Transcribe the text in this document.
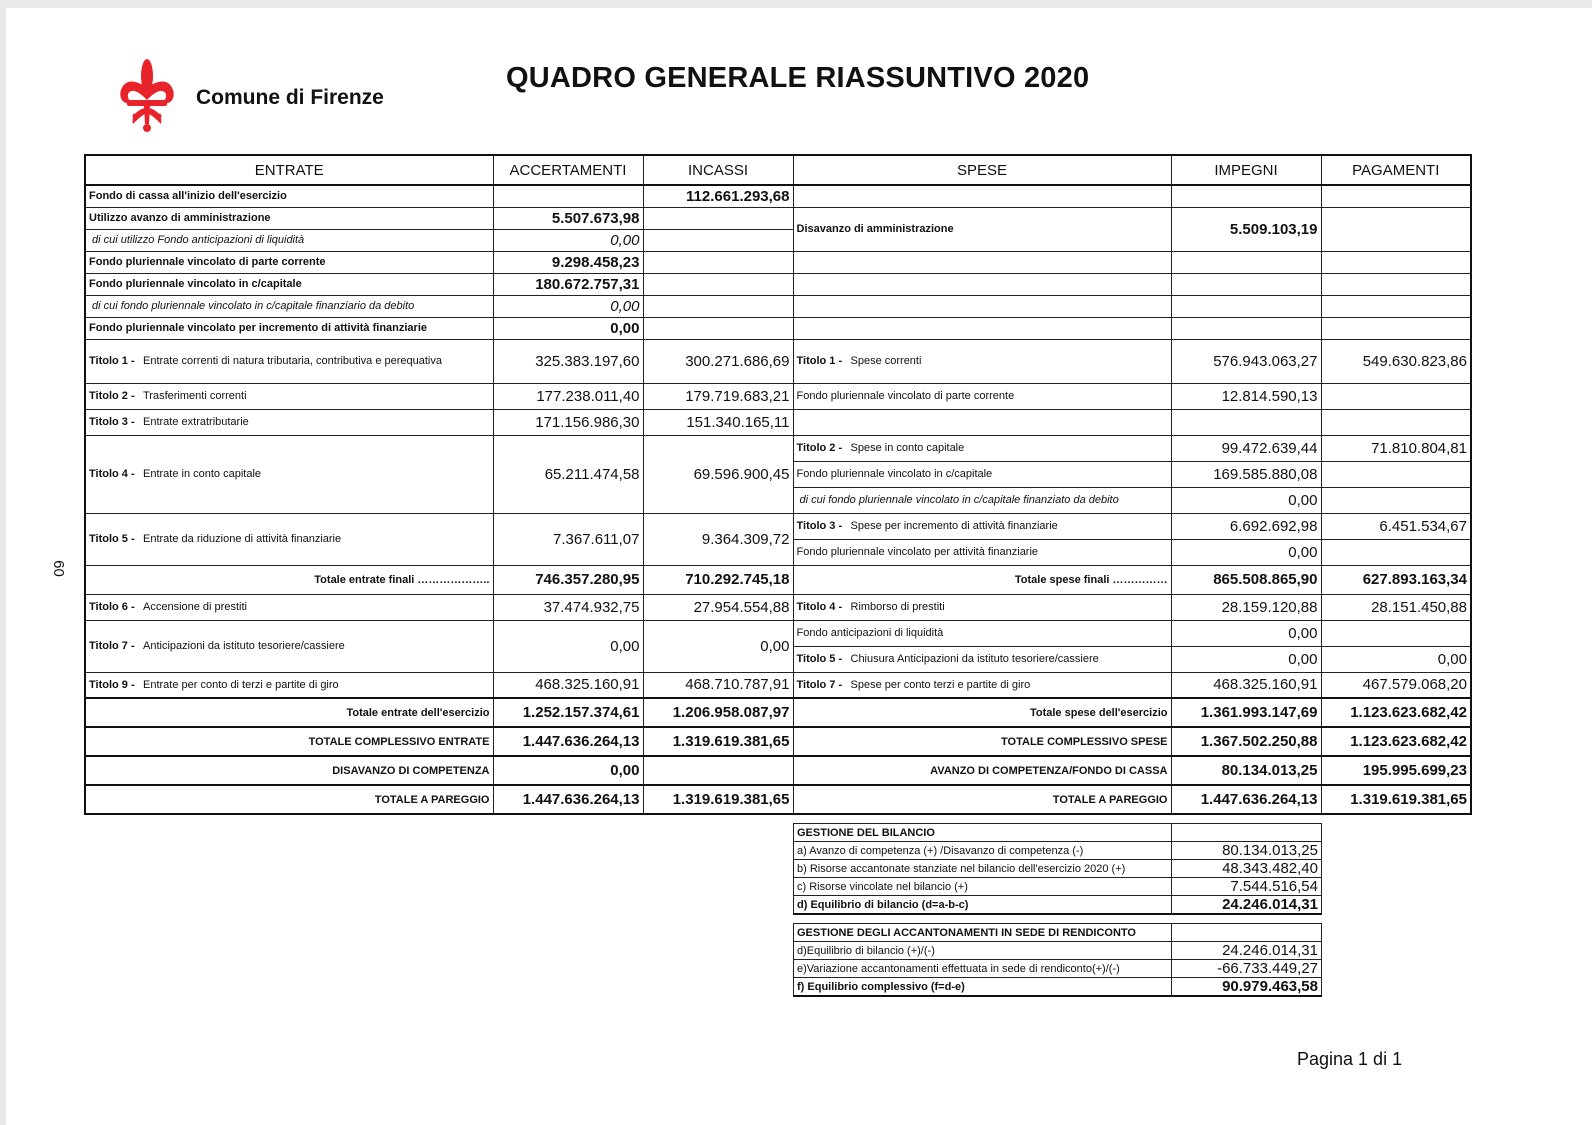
Comune di Firenze
QUADRO GENERALE RIASSUNTIVO 2020
60
ENTRATE	ACCERTAMENTI	INCASSI	SPESE	IMPEGNI	PAGAMENTI
Fondo di cassa all'inizio dell'esercizio		112.661.293,68			
Utilizzo avanzo di amministrazione	5.507.673,98		Disavanzo di amministrazione	5.509.103,19	
di cui utilizzo Fondo anticipazioni di liquidità	0,00				
Fondo pluriennale vincolato di parte corrente	9.298.458,23				
Fondo pluriennale vincolato in c/capitale	180.672.757,31				
di cui fondo pluriennale vincolato in c/capitale finanziario da debito	0,00				
Fondo pluriennale vincolato per incremento di attività finanziarie	0,00				
Titolo 1 - Entrate correnti di natura tributaria, contributiva e perequativa	325.383.197,60	300.271.686,69	Titolo 1 - Spese correnti	576.943.063,27	549.630.823,86
Titolo 2 - Trasferimenti correnti	177.238.011,40	179.719.683,21	Fondo pluriennale vincolato di parte corrente	12.814.590,13	
Titolo 3 - Entrate extratributarie	171.156.986,30	151.340.165,11			
Titolo 4 - Entrate in conto capitale	65.211.474,58	69.596.900,45	Titolo 2 - Spese in conto capitale	99.472.639,44	71.810.804,81
			Fondo pluriennale vincolato in c/capitale	169.585.880,08	
			di cui fondo pluriennale vincolato in c/capitale finanziato da debito	0,00	
Titolo 5 - Entrate da riduzione di attività finanziarie	7.367.611,07	9.364.309,72	Titolo 3 - Spese per incremento di attività finanziarie	6.692.692,98	6.451.534,67
			Fondo pluriennale vincolato per attività finanziarie	0,00	
Totale entrate finali ………………..	746.357.280,95	710.292.745,18	Totale spese finali ……………	865.508.865,90	627.893.163,34
Titolo 6 - Accensione di prestiti	37.474.932,75	27.954.554,88	Titolo 4 - Rimborso di prestiti	28.159.120,88	28.151.450,88
Titolo 7 - Anticipazioni da istituto tesoriere/cassiere	0,00	0,00	Fondo anticipazioni di liquidità	0,00	
			Titolo 5 - Chiusura Anticipazioni da istituto tesoriere/cassiere	0,00	0,00
Titolo 9 - Entrate per conto di terzi e partite di giro	468.325.160,91	468.710.787,91	Titolo 7 - Spese per conto terzi e partite di giro	468.325.160,91	467.579.068,20
Totale entrate dell'esercizio	1.252.157.374,61	1.206.958.087,97	Totale spese dell'esercizio	1.361.993.147,69	1.123.623.682,42
TOTALE COMPLESSIVO ENTRATE	1.447.636.264,13	1.319.619.381,65	TOTALE COMPLESSIVO SPESE	1.367.502.250,88	1.123.623.682,42
DISAVANZO DI COMPETENZA	0,00		AVANZO DI COMPETENZA/FONDO DI CASSA	80.134.013,25	195.995.699,23
TOTALE A PAREGGIO	1.447.636.264,13	1.319.619.381,65	TOTALE A PAREGGIO	1.447.636.264,13	1.319.619.381,65
GESTIONE DEL BILANCIO	
a) Avanzo di competenza (+) /Disavanzo di competenza (-)	80.134.013,25
b) Risorse accantonate stanziate nel bilancio dell'esercizio 2020 (+)	48.343.482,40
c) Risorse vincolate nel bilancio (+)	7.544.516,54
d) Equilibrio di bilancio (d=a-b-c)	24.246.014,31
GESTIONE DEGLI ACCANTONAMENTI IN SEDE DI RENDICONTO	
d)Equilibrio di bilancio (+)/(-)	24.246.014,31
e)Variazione accantonamenti effettuata in sede di rendiconto(+)/(-)	-66.733.449,27
f) Equilibrio complessivo (f=d-e)	90.979.463,58
Pagina 1 di 1
